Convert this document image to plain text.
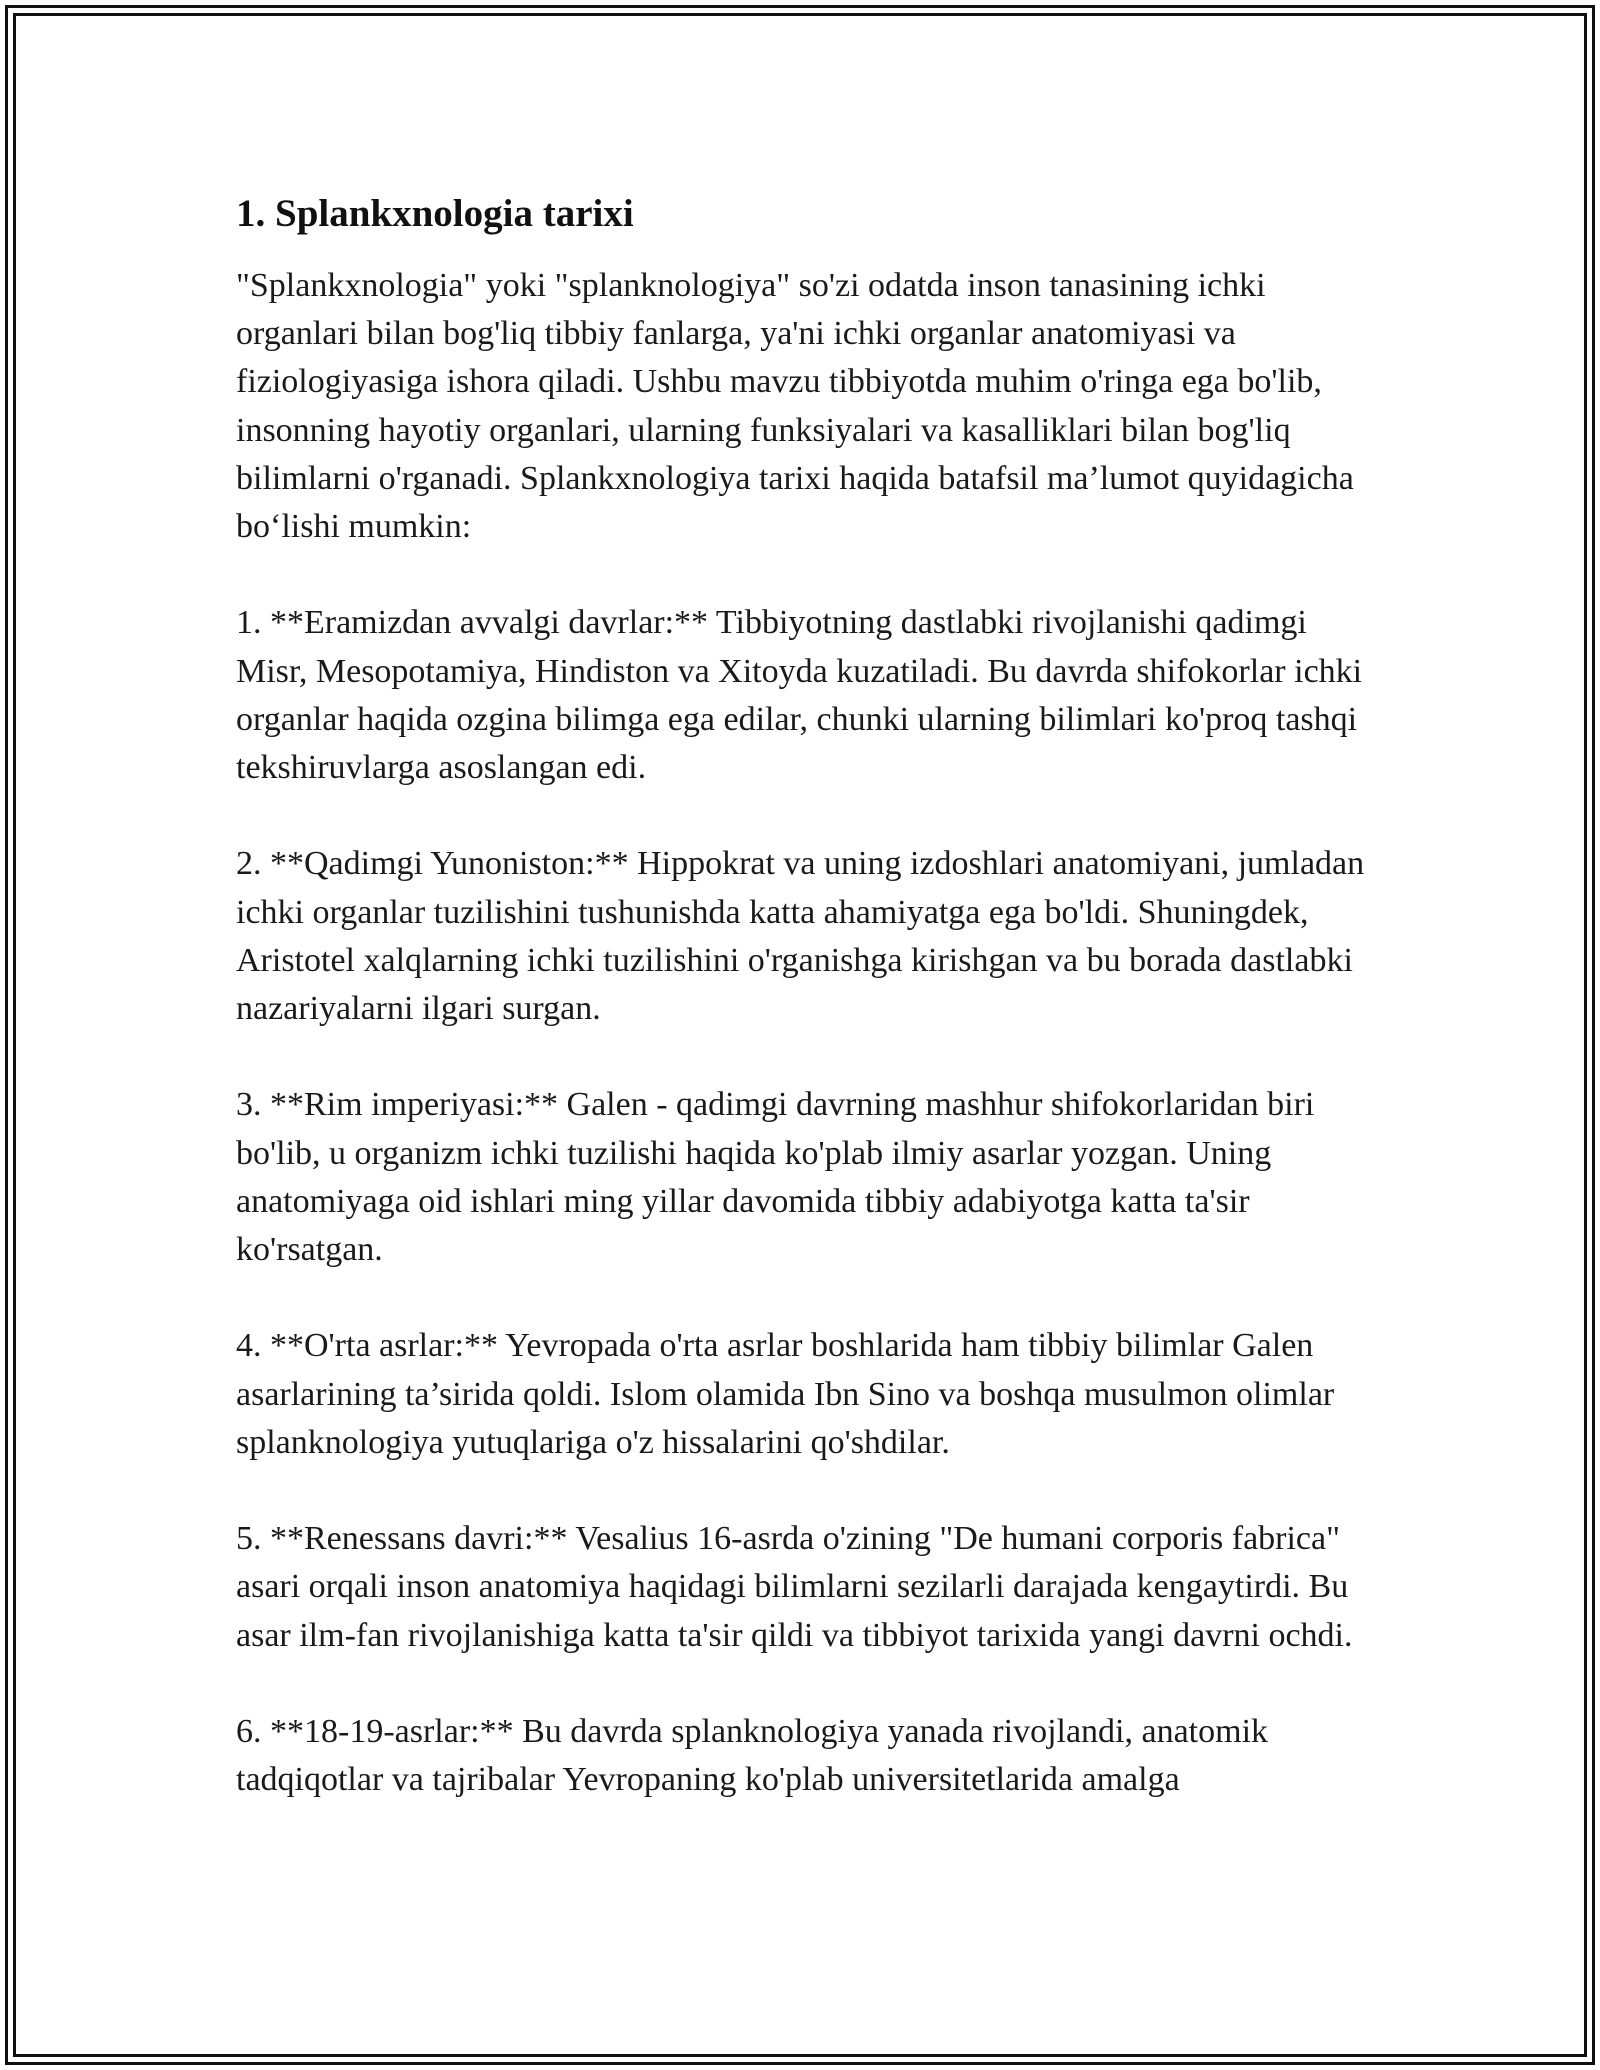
1. Splankxnologia tarixi

"Splankxnologia" yoki "splanknologiya" so'zi odatda inson tanasining ichki organlari bilan bog'liq tibbiy fanlarga, ya'ni ichki organlar anatomiyasi va fiziologiyasiga ishora qiladi. Ushbu mavzu tibbiyotda muhim o'ringa ega bo'lib, insonning hayotiy organlari, ularning funksiyalari va kasalliklari bilan bog'liq bilimlarni o'rganadi. Splankxnologiya tarixi haqida batafsil ma’lumot quyidagicha bo‘lishi mumkin:

1. **Eramizdan avvalgi davrlar:** Tibbiyotning dastlabki rivojlanishi qadimgi Misr, Mesopotamiya, Hindiston va Xitoyda kuzatiladi. Bu davrda shifokorlar ichki organlar haqida ozgina bilimga ega edilar, chunki ularning bilimlari ko'proq tashqi tekshiruvlarga asoslangan edi.

2. **Qadimgi Yunoniston:** Hippokrat va uning izdoshlari anatomiyani, jumladan ichki organlar tuzilishini tushunishda katta ahamiyatga ega bo'ldi. Shuningdek, Aristotel xalqlarning ichki tuzilishini o'rganishga kirishgan va bu borada dastlabki nazariyalarni ilgari surgan.

3. **Rim imperiyasi:** Galen - qadimgi davrning mashhur shifokorlaridan biri bo'lib, u organizm ichki tuzilishi haqida ko'plab ilmiy asarlar yozgan. Uning anatomiyaga oid ishlari ming yillar davomida tibbiy adabiyotga katta ta'sir ko'rsatgan.

4. **O'rta asrlar:** Yevropada o'rta asrlar boshlarida ham tibbiy bilimlar Galen asarlarining ta’sirida qoldi. Islom olamida Ibn Sino va boshqa musulmon olimlar splanknologiya yutuqlariga o'z hissalarini qo'shdilar.

5. **Renessans davri:** Vesalius 16-asrda o'zining "De humani corporis fabrica" asari orqali inson anatomiya haqidagi bilimlarni sezilarli darajada kengaytirdi. Bu asar ilm-fan rivojlanishiga katta ta'sir qildi va tibbiyot tarixida yangi davrni ochdi.

6. **18-19-asrlar:** Bu davrda splanknologiya yanada rivojlandi, anatomik tadqiqotlar va tajribalar Yevropaning ko'plab universitetlarida amalga
